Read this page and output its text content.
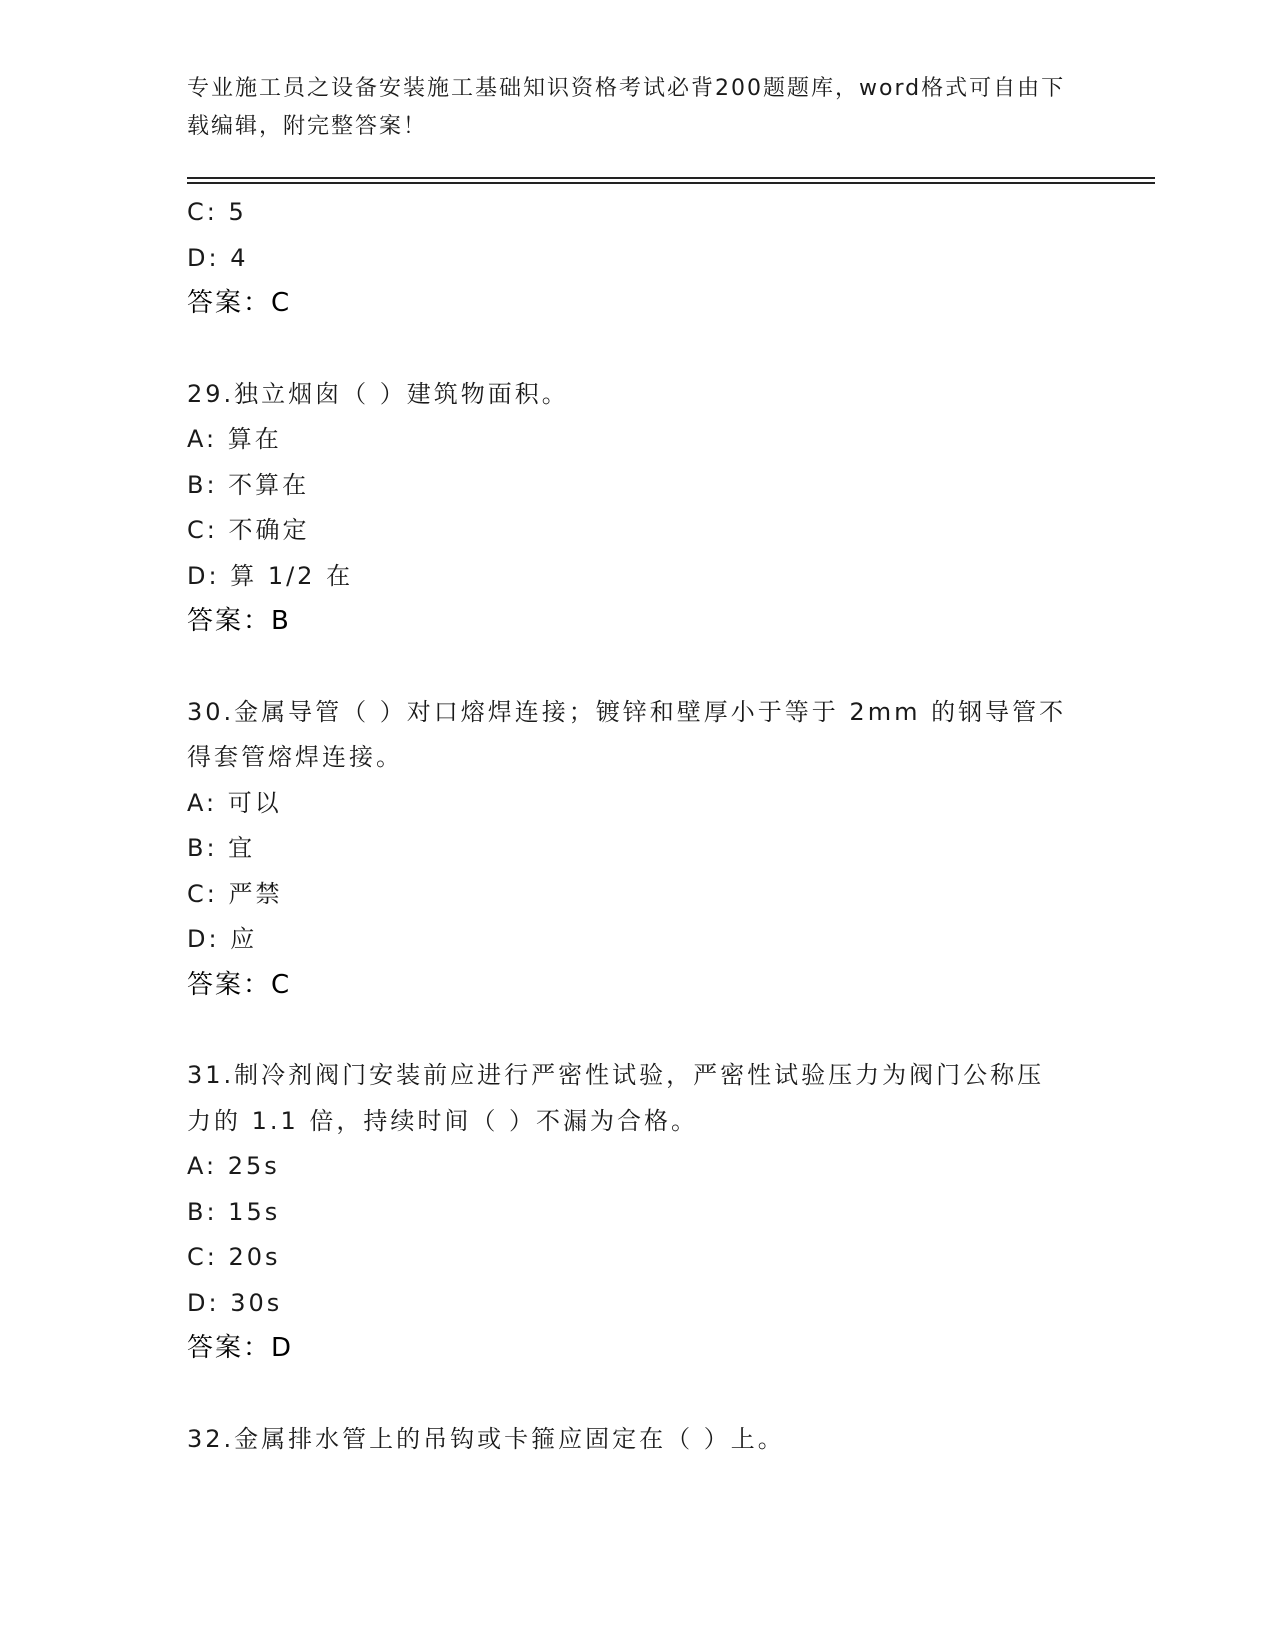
专业施工员之设备安装施工基础知识资格考试必背200题题库，word格式可自由下载编辑，附完整答案！
C: 5
D: 4
答案：C
29.独立烟囱（ ）建筑物面积。
A: 算在
B: 不算在
C: 不确定
D: 算 1/2 在
答案：B
30.金属导管（ ）对口熔焊连接；镀锌和壁厚小于等于 2mm 的钢导管不得套管熔焊连接。
A: 可以
B: 宜
C: 严禁
D: 应
答案：C
31.制冷剂阀门安装前应进行严密性试验，严密性试验压力为阀门公称压力的 1.1 倍，持续时间（ ）不漏为合格。
A: 25s
B: 15s
C: 20s
D: 30s
答案：D
32.金属排水管上的吊钩或卡箍应固定在（ ）上。
